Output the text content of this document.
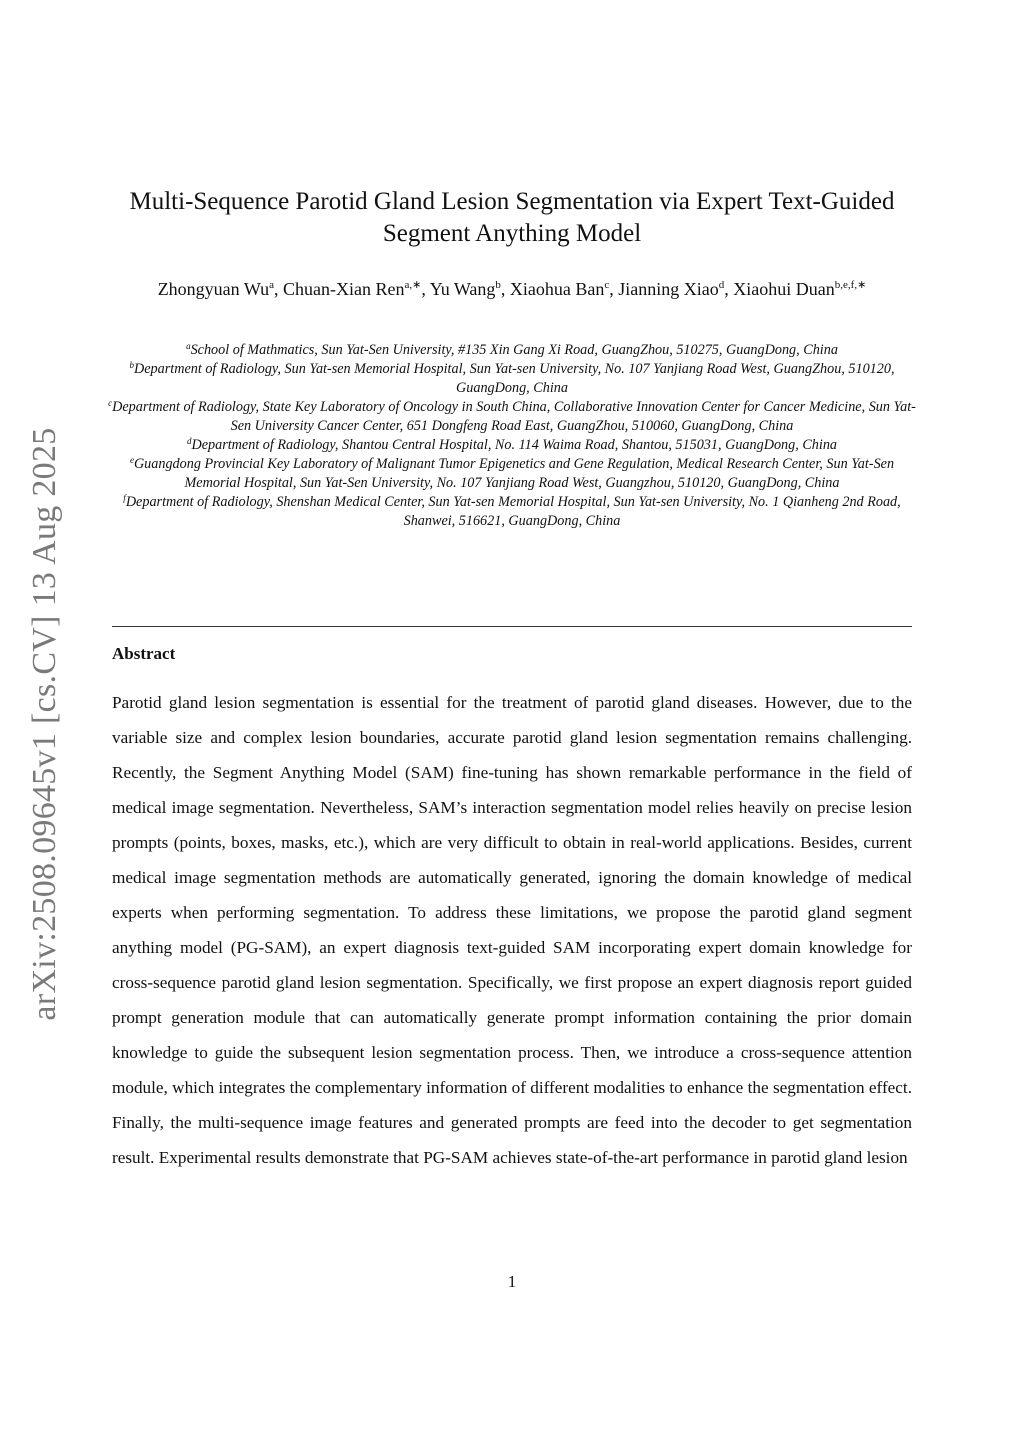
arXiv:2508.09645v1 [cs.CV] 13 Aug 2025
Multi-Sequence Parotid Gland Lesion Segmentation via Expert Text-Guided Segment Anything Model
Zhongyuan Wu$^a$, Chuan-Xian Ren$^{a,∗}$, Yu Wang$^b$, Xiaohua Ban$^c$, Jianning Xiao$^d$, Xiaohui Duan$^{b,e,f,∗}$
$^a$School of Mathmatics, Sun Yat-Sen University, #135 Xin Gang Xi Road, GuangZhou, 510275, GuangDong, China
$^b$Department of Radiology, Sun Yat-sen Memorial Hospital, Sun Yat-sen University, No. 107 Yanjiang Road West, GuangZhou, 510120, GuangDong, China
$^c$Department of Radiology, State Key Laboratory of Oncology in South China, Collaborative Innovation Center for Cancer Medicine, Sun Yat-Sen University Cancer Center, 651 Dongfeng Road East, GuangZhou, 510060, GuangDong, China
$^d$Department of Radiology, Shantou Central Hospital, No. 114 Waima Road, Shantou, 515031, GuangDong, China
$^e$Guangdong Provincial Key Laboratory of Malignant Tumor Epigenetics and Gene Regulation, Medical Research Center, Sun Yat-Sen Memorial Hospital, Sun Yat-Sen University, No. 107 Yanjiang Road West, Guangzhou, 510120, GuangDong, China
$^f$Department of Radiology, Shenshan Medical Center, Sun Yat-sen Memorial Hospital, Sun Yat-sen University, No. 1 Qianheng 2nd Road, Shanwei, 516621, GuangDong, China
Abstract
Parotid gland lesion segmentation is essential for the treatment of parotid gland diseases. However, due to the variable size and complex lesion boundaries, accurate parotid gland lesion segmentation remains challenging. Recently, the Segment Anything Model (SAM) fine-tuning has shown remarkable performance in the field of medical image segmentation. Nevertheless, SAM’s interaction segmentation model relies heavily on precise lesion prompts (points, boxes, masks, etc.), which are very difficult to obtain in real-world applications. Besides, current medical image segmentation methods are automatically generated, ignoring the domain knowledge of medical experts when performing segmentation. To address these limitations, we propose the parotid gland segment anything model (PG-SAM), an expert diagnosis text-guided SAM incorporating expert domain knowledge for cross-sequence parotid gland lesion segmentation. Specifically, we first propose an expert diagnosis report guided prompt generation module that can automatically generate prompt information containing the prior domain knowledge to guide the subsequent lesion segmentation process. Then, we introduce a cross-sequence attention module, which integrates the complementary information of different modalities to enhance the segmentation effect. Finally, the multi-sequence image features and generated prompts are feed into the decoder to get segmentation result. Experimental results demonstrate that PG-SAM achieves state-of-the-art performance in parotid gland lesion
1
